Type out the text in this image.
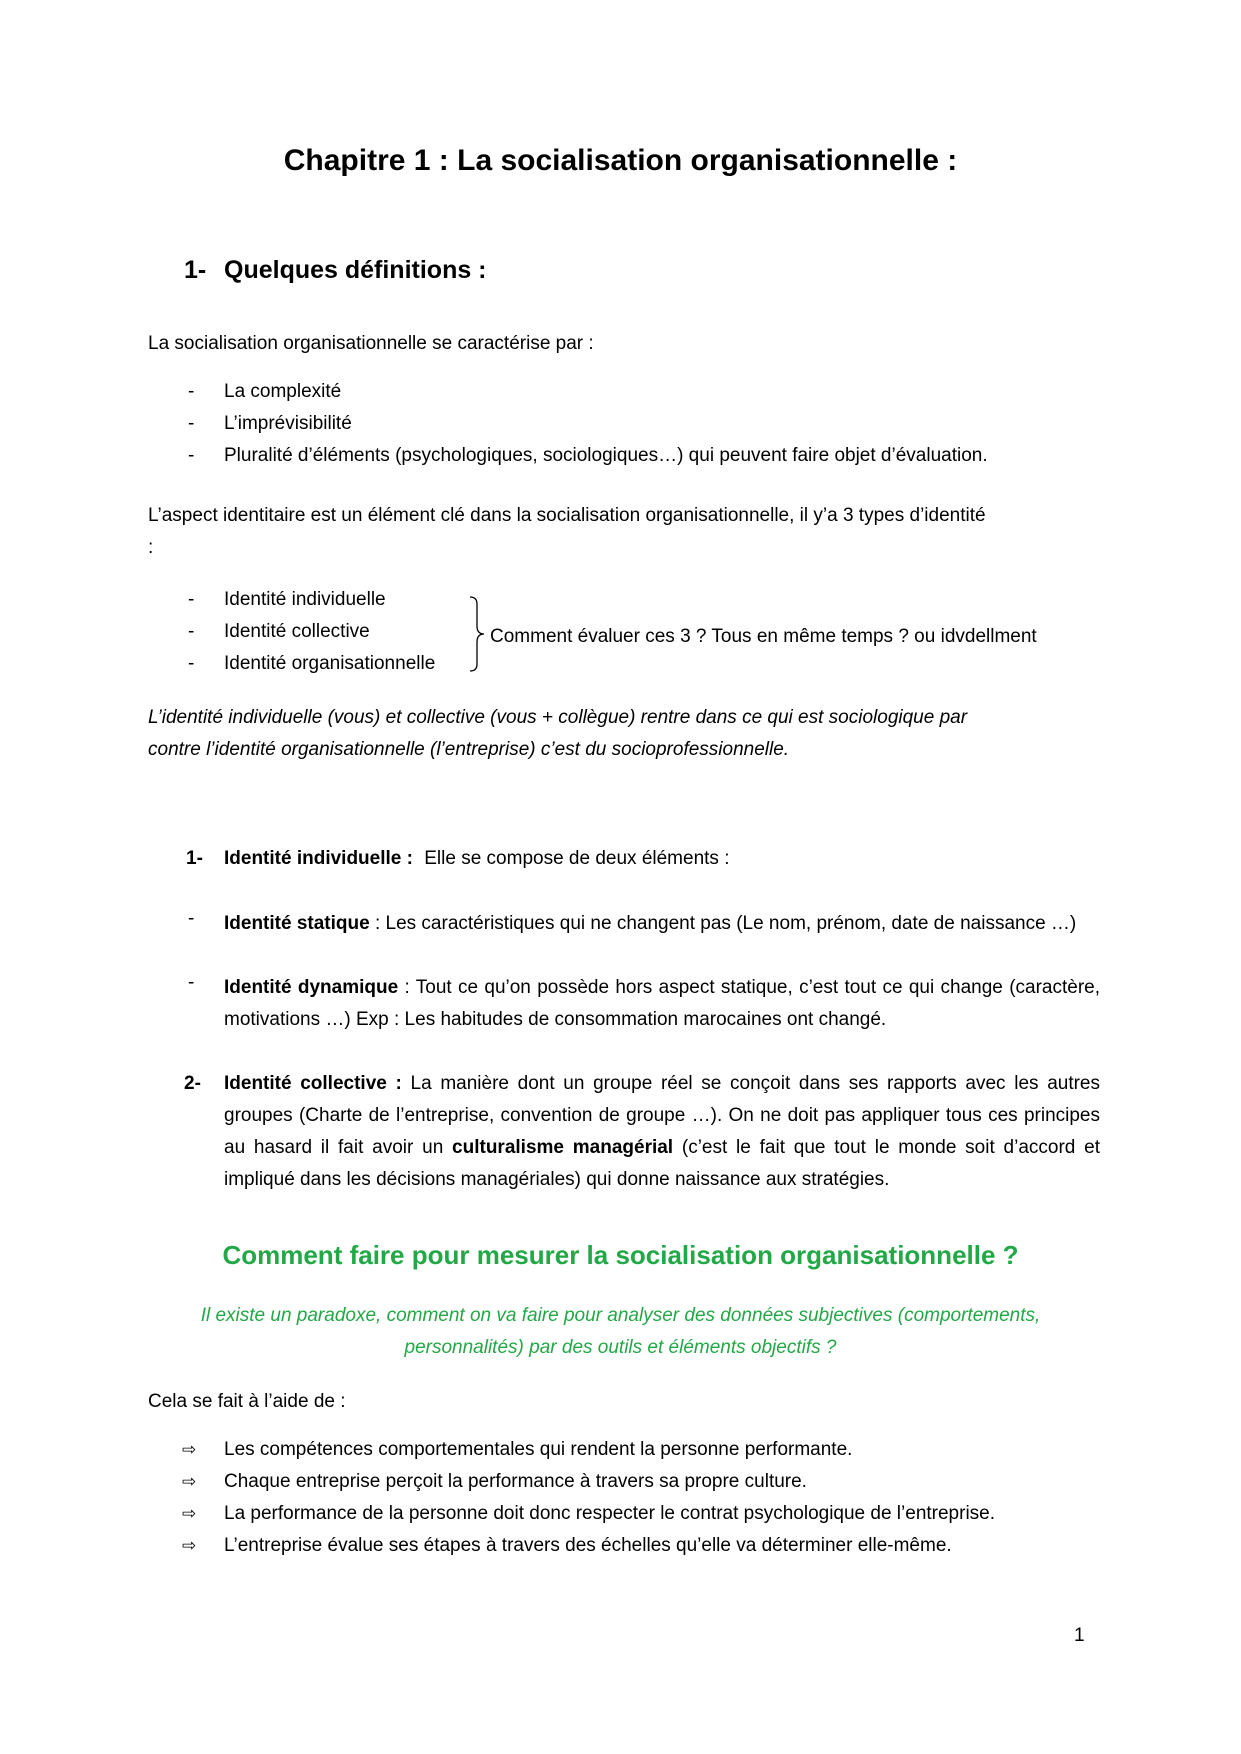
Chapitre 1 : La socialisation organisationnelle :
1- Quelques définitions :
La socialisation organisationnelle se caractérise par :
- La complexité
- L’imprévisibilité
- Pluralité d’éléments (psychologiques, sociologiques…) qui peuvent faire objet d’évaluation.
L’aspect identitaire est un élément clé dans la socialisation organisationnelle, il y’a 3 types d’identité
:
- Identité individuelle
- Identité collective
- Identité organisationnelle
Comment évaluer ces 3 ? Tous en même temps ? ou idvdellment
L’identité individuelle (vous) et collective (vous + collègue) rentre dans ce qui est sociologique par
contre l’identité organisationnelle (l’entreprise) c’est du socioprofessionnelle.
1- Identité individuelle : Elle se compose de deux éléments :
- Identité statique : Les caractéristiques qui ne changent pas (Le nom, prénom, date de naissance …)
- Identité dynamique : Tout ce qu’on possède hors aspect statique, c’est tout ce qui change (caractère, motivations …) Exp : Les habitudes de consommation marocaines ont changé.
2- Identité collective : La manière dont un groupe réel se conçoit dans ses rapports avec les autres groupes (Charte de l’entreprise, convention de groupe …). On ne doit pas appliquer tous ces principes au hasard il fait avoir un culturalisme managérial (c’est le fait que tout le monde soit d’accord et impliqué dans les décisions managériales) qui donne naissance aux stratégies.
Comment faire pour mesurer la socialisation organisationnelle ?
Il existe un paradoxe, comment on va faire pour analyser des données subjectives (comportements,
personnalités) par des outils et éléments objectifs ?
Cela se fait à l’aide de :
⇨ Les compétences comportementales qui rendent la personne performante.
⇨ Chaque entreprise perçoit la performance à travers sa propre culture.
⇨ La performance de la personne doit donc respecter le contrat psychologique de l’entreprise.
⇨ L’entreprise évalue ses étapes à travers des échelles qu’elle va déterminer elle-même.
1
